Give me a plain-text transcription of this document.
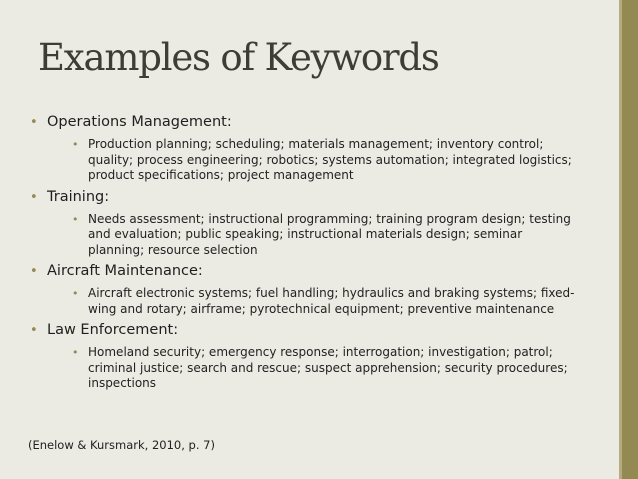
Examples of Keywords
• Operations Management:
• Production planning; scheduling; materials management; inventory control; quality; process engineering; robotics; systems automation; integrated logistics; product specifications; project management
• Training:
• Needs assessment; instructional programming; training program design; testing and evaluation; public speaking; instructional materials design; seminar planning; resource selection
• Aircraft Maintenance:
• Aircraft electronic systems; fuel handling; hydraulics and braking systems; fixed-wing and rotary; airframe; pyrotechnical equipment; preventive maintenance
• Law Enforcement:
• Homeland security; emergency response; interrogation; investigation; patrol; criminal justice; search and rescue; suspect apprehension; security procedures; inspections
(Enelow & Kursmark, 2010, p. 7)
